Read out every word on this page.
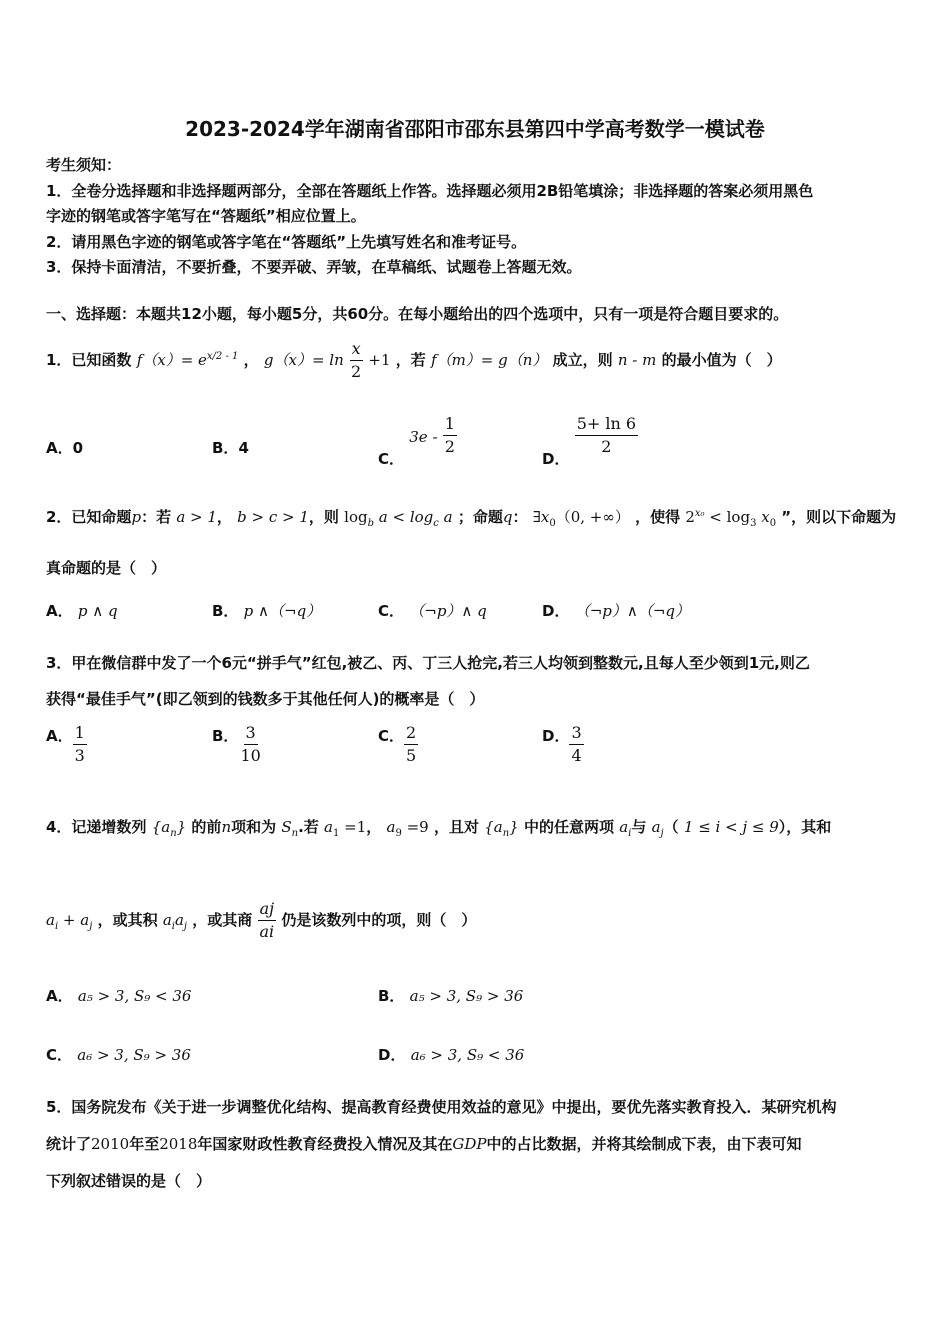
2023-2024学年湖南省邵阳市邵东县第四中学高考数学一模试卷
考生须知：
1．全卷分选择题和非选择题两部分，全部在答题纸上作答。选择题必须用2B铅笔填涂；非选择题的答案必须用黑色
字迹的钢笔或答字笔写在“答题纸”相应位置上。
2．请用黑色字迹的钢笔或答字笔在“答题纸”上先填写姓名和准考证号。
3．保持卡面清洁，不要折叠，不要弄破、弄皱，在草稿纸、试题卷上答题无效。
一、选择题：本题共12小题，每小题5分，共60分。在每小题给出的四个选项中，只有一项是符合题目要求的。
1．已知函数 $f(x)= e^{x/2 - 1}$ ， $g(x)= \ln \frac{x}{2} +1$ ，若 f（m）= g（n） 成立，则 n - m 的最小值为（　）
A．0	B．4
C． $3e - \frac{1}{2}$
D．
$\frac{5+ \ln 6}{2}$
2．已知命题p：若 a > 1， b > c > 1，则 $\log_b a < \log_c a$ ；命题q： $\exists x_0(0$, +∞） ，使得 $2^{x_0} < \log_3 x_0$ ”，则以下命题为
真命题的是（　）
A． p ∧ q	B． p ∧（¬q）	C． （¬p）∧ q	D． （¬p）∧（¬q）
3．甲在微信群中发了一个6元“拼手气”红包,被乙、丙、丁三人抢完,若三人均领到整数元,且每人至少领到1元,则乙
获得“最佳手气”(即乙领到的钱数多于其他任何人)的概率是（　）
A． $\frac{1}{3}$	B． $\frac{3}{10}$	C． $\frac{2}{5}$	D． $\frac{3}{4}$
4．记递增数列 $\{a_n\}$ 的前n项和为 $S_n$.若 $a_1 =1$， $a_9 =9$ ，且对 $\{a_n\}$ 中的任意两项 $a_i$与 $a_j$（ 1 ≤ i < j ≤ 9），其和
$a_i + a_j$ ，或其积 $a_ia_j$ ，或其商 $\frac{aj}{ai}$ 仍是该数列中的项，则（　）
A． a₅ > 3, S₉ < 36	B． a₅ > 3, S₉ > 36
C． a₆ > 3, S₉ > 36	D． a₆ > 3, S₉ < 36
5．国务院发布《关于进一步调整优化结构、提高教育经费使用效益的意见》中提出，要优先落实教育投入．某研究机构
统计了2010年至2018年国家财政性教育经费投入情况及其在GDP中的占比数据，并将其绘制成下表，由下表可知
下列叙述错误的是（　）
